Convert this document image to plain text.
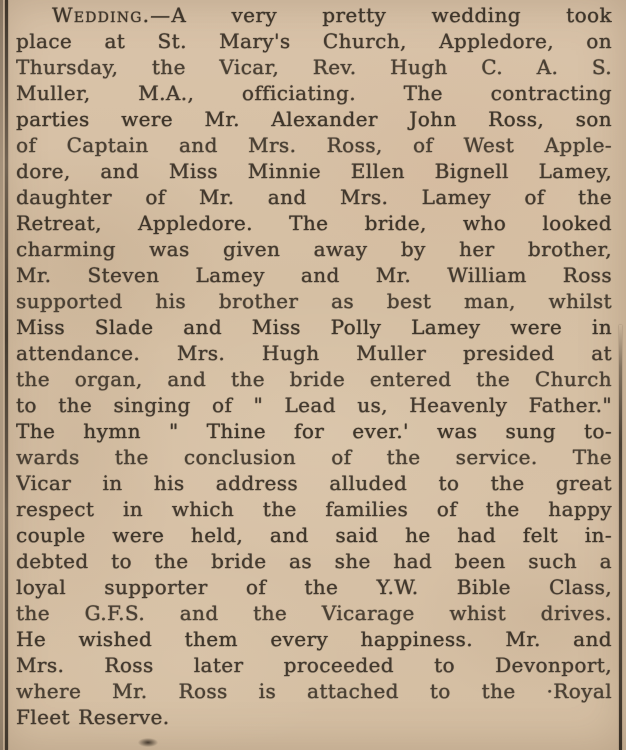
Wedding.—A very pretty wedding took
place at St. Mary's Church, Appledore, on
Thursday, the Vicar, Rev. Hugh C. A. S.
Muller, M.A., officiating. The contracting
parties were Mr. Alexander John Ross, son
of Captain and Mrs. Ross, of West Apple-
dore, and Miss Minnie Ellen Bignell Lamey,
daughter of Mr. and Mrs. Lamey of the
Retreat, Appledore. The bride, who looked
charming was given away by her brother,
Mr. Steven Lamey and Mr. William Ross
supported his brother as best man, whilst
Miss Slade and Miss Polly Lamey were in
attendance. Mrs. Hugh Muller presided at
the organ, and the bride entered the Church
to the singing of " Lead us, Heavenly Father."
The hymn " Thine for ever.' was sung to-
wards the conclusion of the service. The
Vicar in his address alluded to the great
respect in which the families of the happy
couple were held, and said he had felt in-
debted to the bride as she had been such a
loyal supporter of the Y.W. Bible Class,
the G.F.S. and the Vicarage whist drives.
He wished them every happiness. Mr. and
Mrs. Ross later proceeded to Devonport,
where Mr. Ross is attached to the ·Royal
Fleet Reserve.
